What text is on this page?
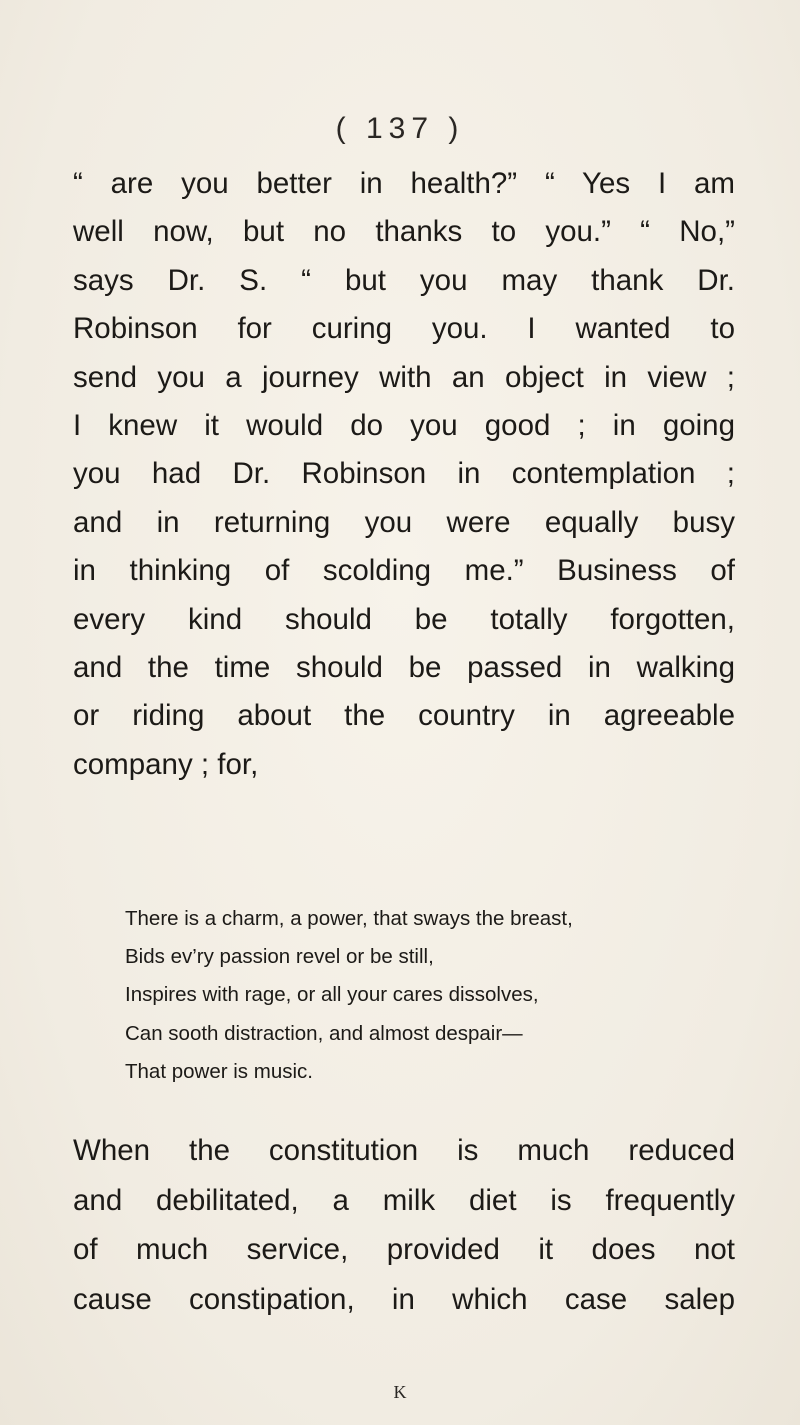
( 137 )
“ are you better in health?” “ Yes I am
well now, but no thanks to you.” “ No,”
says Dr. S. “ but you may thank Dr.
Robinson for curing you. I wanted to
send you a journey with an object in view ;
I knew it would do you good ; in going
you had Dr. Robinson in contemplation ;
and in returning you were equally busy
in thinking of scolding me.” Business of
every kind should be totally forgotten,
and the time should be passed in walking
or riding about the country in agreeable
company ; for,
There is a charm, a power, that sways the breast,
Bids ev’ry passion revel or be still,
Inspires with rage, or all your cares dissolves,
Can sooth distraction, and almost despair—
That power is music.
When the constitution is much reduced
and debilitated, a milk diet is frequently
of much service, provided it does not
cause constipation, in which case salep
K
